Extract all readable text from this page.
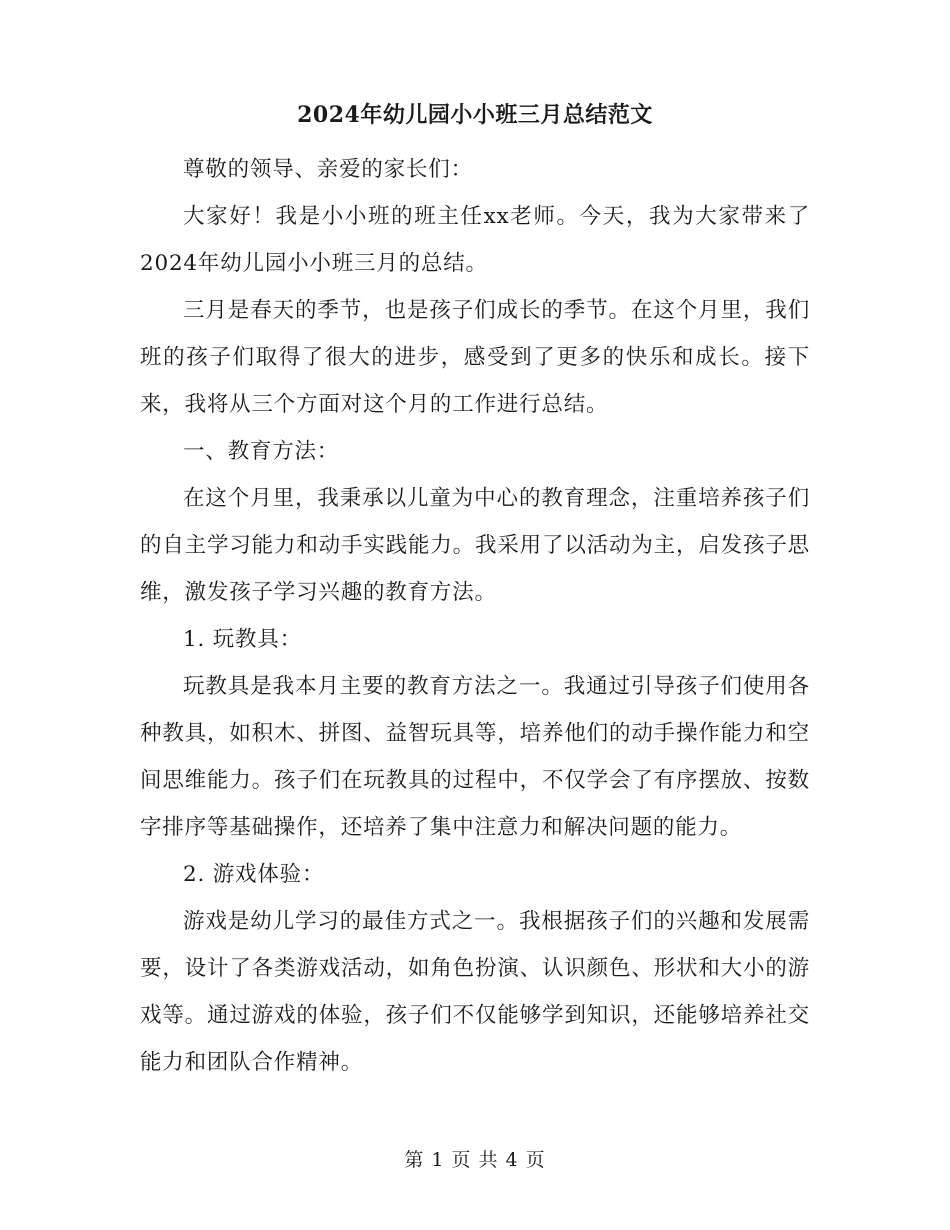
2024年幼儿园小小班三月总结范文

尊敬的领导、亲爱的家长们：

大家好！我是小小班的班主任xx老师。今天，我为大家带来了2024年幼儿园小小班三月的总结。

三月是春天的季节，也是孩子们成长的季节。在这个月里，我们班的孩子们取得了很大的进步，感受到了更多的快乐和成长。接下来，我将从三个方面对这个月的工作进行总结。

一、教育方法：

在这个月里，我秉承以儿童为中心的教育理念，注重培养孩子们的自主学习能力和动手实践能力。我采用了以活动为主，启发孩子思维，激发孩子学习兴趣的教育方法。

1. 玩教具：

玩教具是我本月主要的教育方法之一。我通过引导孩子们使用各种教具，如积木、拼图、益智玩具等，培养他们的动手操作能力和空间思维能力。孩子们在玩教具的过程中，不仅学会了有序摆放、按数字排序等基础操作，还培养了集中注意力和解决问题的能力。

2. 游戏体验：

游戏是幼儿学习的最佳方式之一。我根据孩子们的兴趣和发展需要，设计了各类游戏活动，如角色扮演、认识颜色、形状和大小的游戏等。通过游戏的体验，孩子们不仅能够学到知识，还能够培养社交能力和团队合作精神。

第 1 页 共 4 页
